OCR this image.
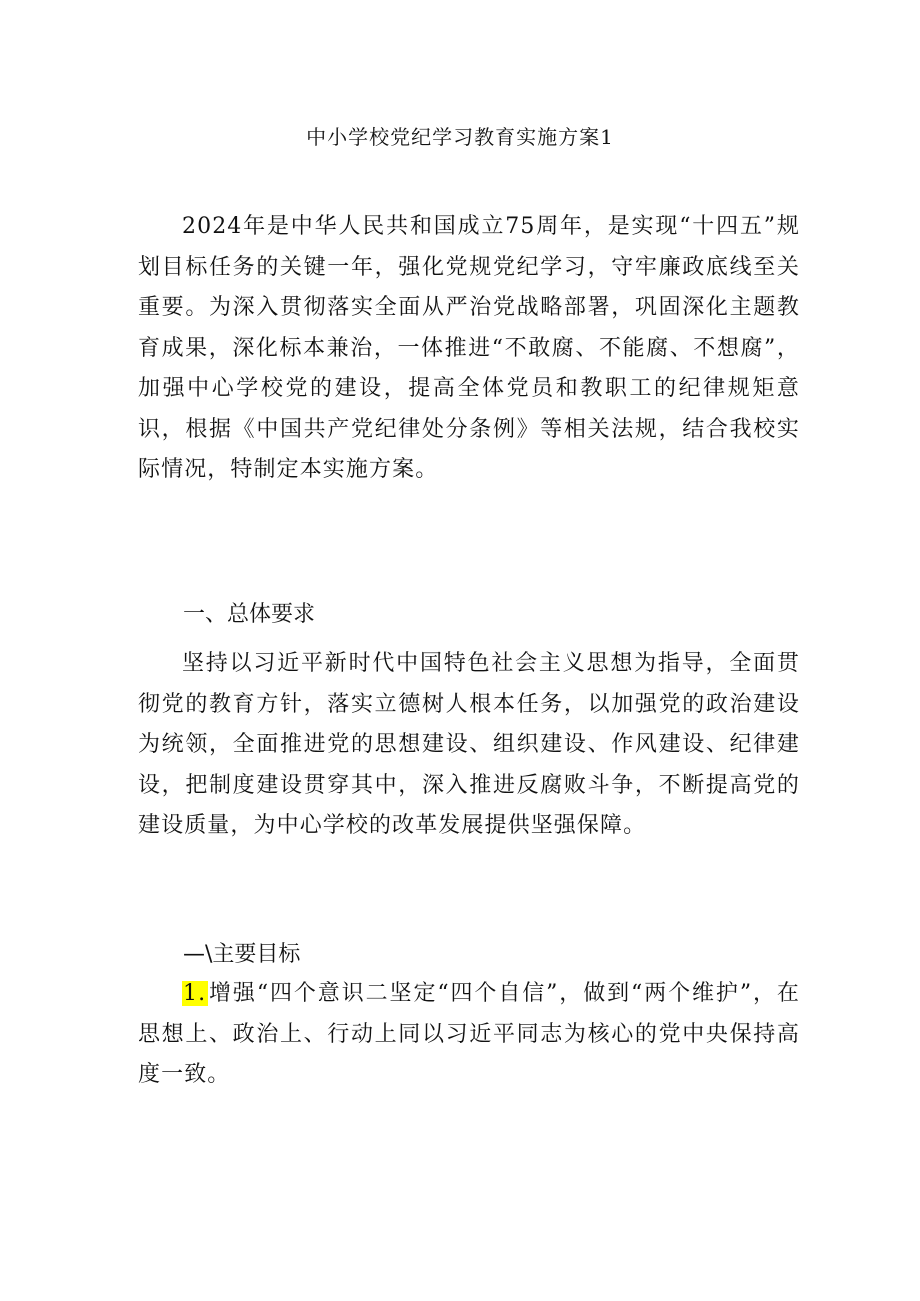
中小学校党纪学习教育实施方案1

2024年是中华人民共和国成立75周年，是实现“十四五”规划目标任务的关键一年，强化党规党纪学习，守牢廉政底线至关重要。为深入贯彻落实全面从严治党战略部署，巩固深化主题教育成果，深化标本兼治，一体推进“不敢腐、不能腐、不想腐”，加强中心学校党的建设，提高全体党员和教职工的纪律规矩意识，根据《中国共产党纪律处分条例》等相关法规，结合我校实际情况，特制定本实施方案。

一、总体要求

坚持以习近平新时代中国特色社会主义思想为指导，全面贯彻党的教育方针，落实立德树人根本任务，以加强党的政治建设为统领，全面推进党的思想建设、组织建设、作风建设、纪律建设，把制度建设贯穿其中，深入推进反腐败斗争，不断提高党的建设质量，为中心学校的改革发展提供坚强保障。

—\主要目标

1.增强“四个意识二坚定“四个自信”，做到“两个维护”，在思想上、政治上、行动上同以习近平同志为核心的党中央保持高度一致。
